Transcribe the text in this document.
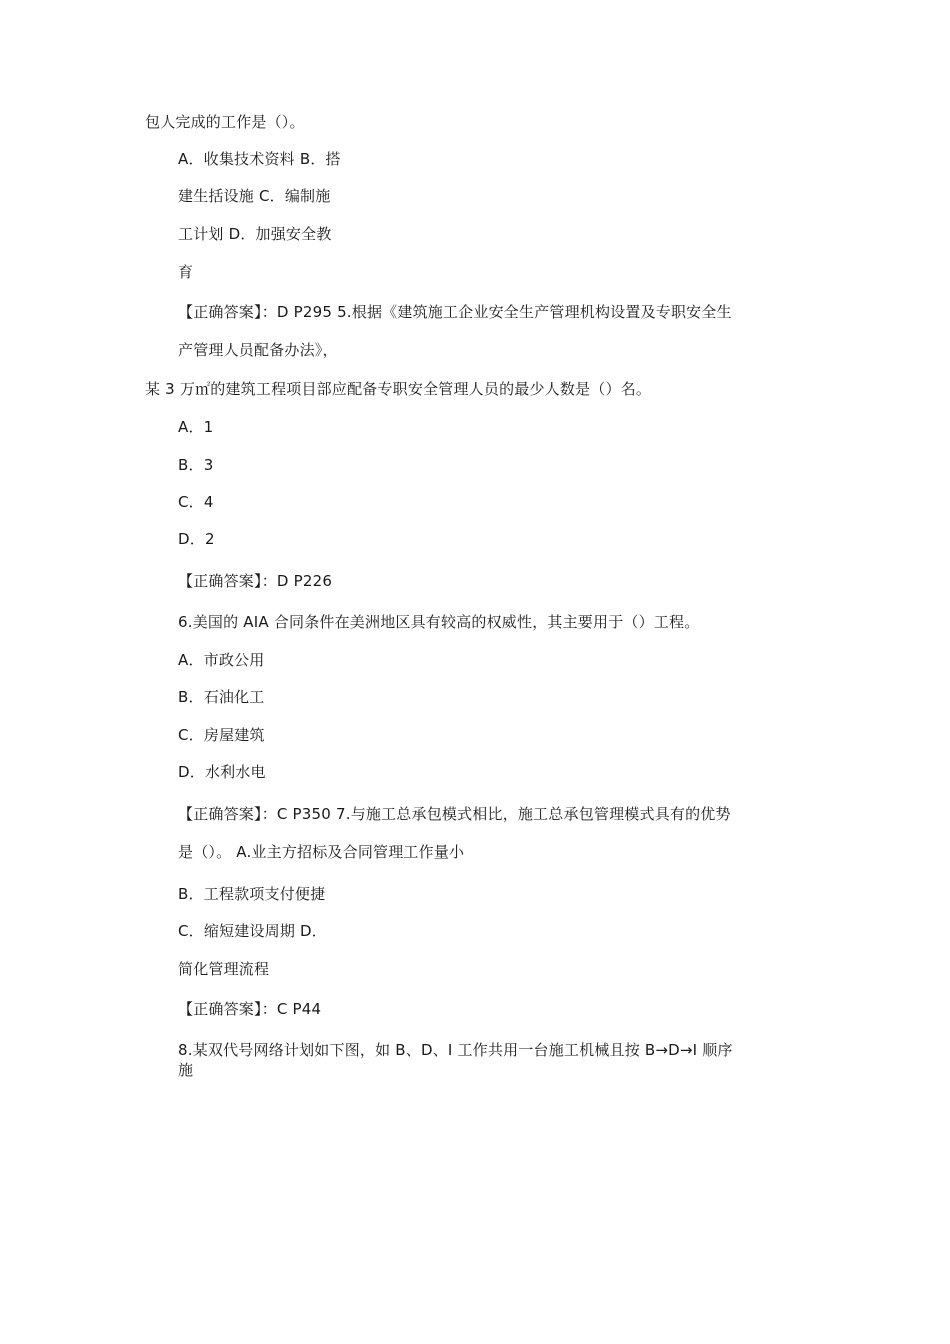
包人完成的工作是（）。
A．收集技术资料 B．搭
建生括设施 C．编制施
工计划 D．加强安全教
育
【正确答案】：D P295 5.根据《建筑施工企业安全生产管理机构设置及专职安全生
产管理人员配备办法》，
某 3 万㎡的建筑工程项目部应配备专职安全管理人员的最少人数是（）名。
A．1
B．3
C．4
D．2
【正确答案】：D P226
6.美国的 AIA 合同条件在美洲地区具有较高的权威性，其主要用于（）工程。
A．市政公用
B．石油化工
C．房屋建筑
D．水利水电
【正确答案】：C P350 7.与施工总承包模式相比，施工总承包管理模式具有的优势
是（）。 A.业主方招标及合同管理工作量小
B．工程款项支付便捷
C．缩短建设周期 D．
简化管理流程
【正确答案】：C P44
8.某双代号网络计划如下图，如 B、D、I 工作共用一台施工机械且按 B→D→I 顺序
施
